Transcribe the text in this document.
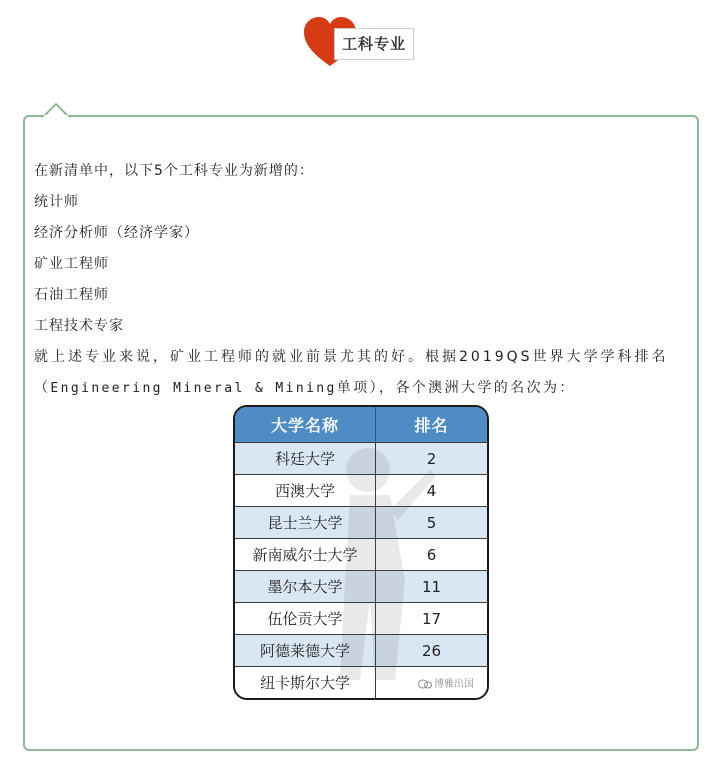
工科专业
在新清单中，以下5个工科专业为新增的：
统计师
经济分析师（经济学家）
矿业工程师
石油工程师
工程技术专家
就上述专业来说，矿业工程师的就业前景尤其的好。根据2019QS世界大学学科排名
（Engineering Mineral & Mining单项），各个澳洲大学的名次为：
大学名称	排名
科廷大学	2
西澳大学	4
昆士兰大学	5
新南威尔士大学	6
墨尔本大学	11
伍伦贡大学	17
阿德莱德大学	26
纽卡斯尔大学		博雅出国
